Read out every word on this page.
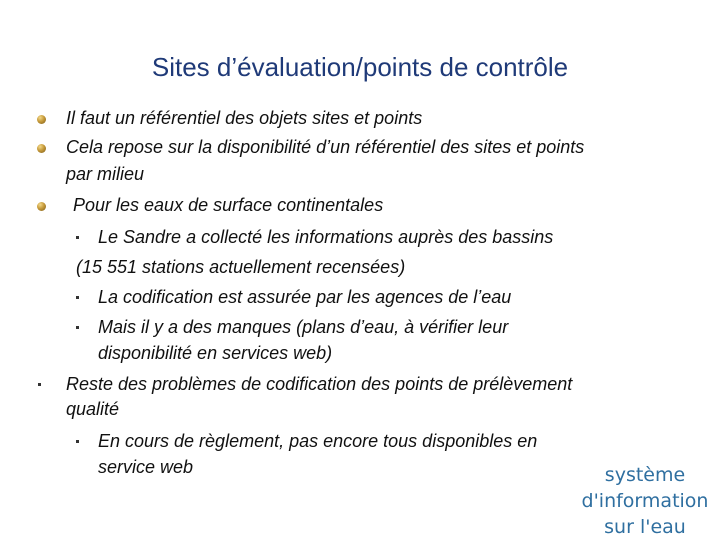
Sites d’évaluation/points de contrôle
Il faut un référentiel des objets sites et points
Cela repose sur la disponibilité d’un référentiel des sites et points
par milieu
Pour les eaux de surface continentales
Le Sandre a collecté les informations auprès des bassins
(15 551 stations actuellement recensées)
La codification est assurée par les agences de l’eau
Mais il y a des manques (plans d’eau, à vérifier leur
disponibilité en services web)
Reste des problèmes de codification des points de prélèvement
qualité
En cours de règlement, pas encore tous disponibles en
service web	système
d'information
sur l'eau
